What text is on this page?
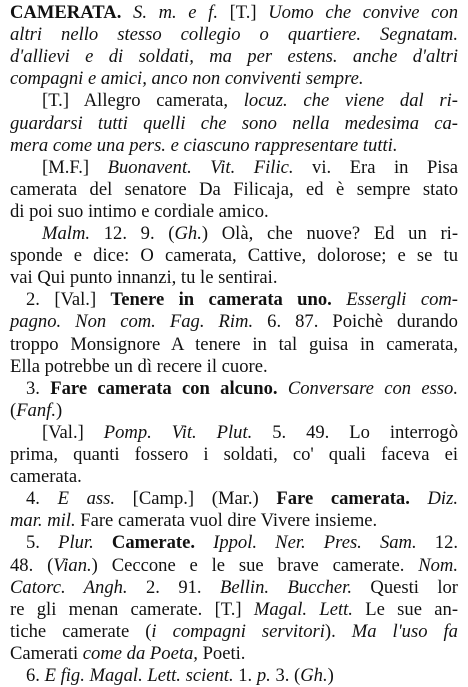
CAMERATA. S. m. e f. [T.] Uomo che convive con
altri nello stesso collegio o quartiere. Segnatam.
d'allievi e di soldati, ma per estens. anche d'altri
compagni e amici, anco non conviventi sempre.
[T.] Allegro camerata, locuz. che viene dal ri-
guardarsi tutti quelli che sono nella medesima ca-
mera come una pers. e ciascuno rappresentare tutti.
[M.F.] Buonavent. Vit. Filic. vi. Era in Pisa
camerata del senatore Da Filicaja, ed è sempre stato
di poi suo intimo e cordiale amico.
Malm. 12. 9. (Gh.) Olà, che nuove? Ed un ri-
sponde e dice: O camerata, Cattive, dolorose; e se tu
vai Qui punto innanzi, tu le sentirai.
2. [Val.] Tenere in camerata uno. Essergli com-
pagno. Non com. Fag. Rim. 6. 87. Poichè durando
troppo Monsignore A tenere in tal guisa in camerata,
Ella potrebbe un dì recere il cuore.
3. Fare camerata con alcuno. Conversare con esso.
(Fanf.)
[Val.] Pomp. Vit. Plut. 5. 49. Lo interrogò
prima, quanti fossero i soldati, co' quali faceva ei
camerata.
4. E ass. [Camp.] (Mar.) Fare camerata. Diz.
mar. mil. Fare camerata vuol dire Vivere insieme.
5. Plur. Camerate. Ippol. Ner. Pres. Sam. 12.
48. (Vian.) Ceccone e le sue brave camerate. Nom.
Catorc. Angh. 2. 91. Bellin. Buccher. Questi lor
re gli menan camerate. [T.] Magal. Lett. Le sue an-
tiche camerate (i compagni servitori). Ma l'uso fa
Camerati come da Poeta, Poeti.
6. E fig. Magal. Lett. scient. 1. p. 3. (Gh.)
